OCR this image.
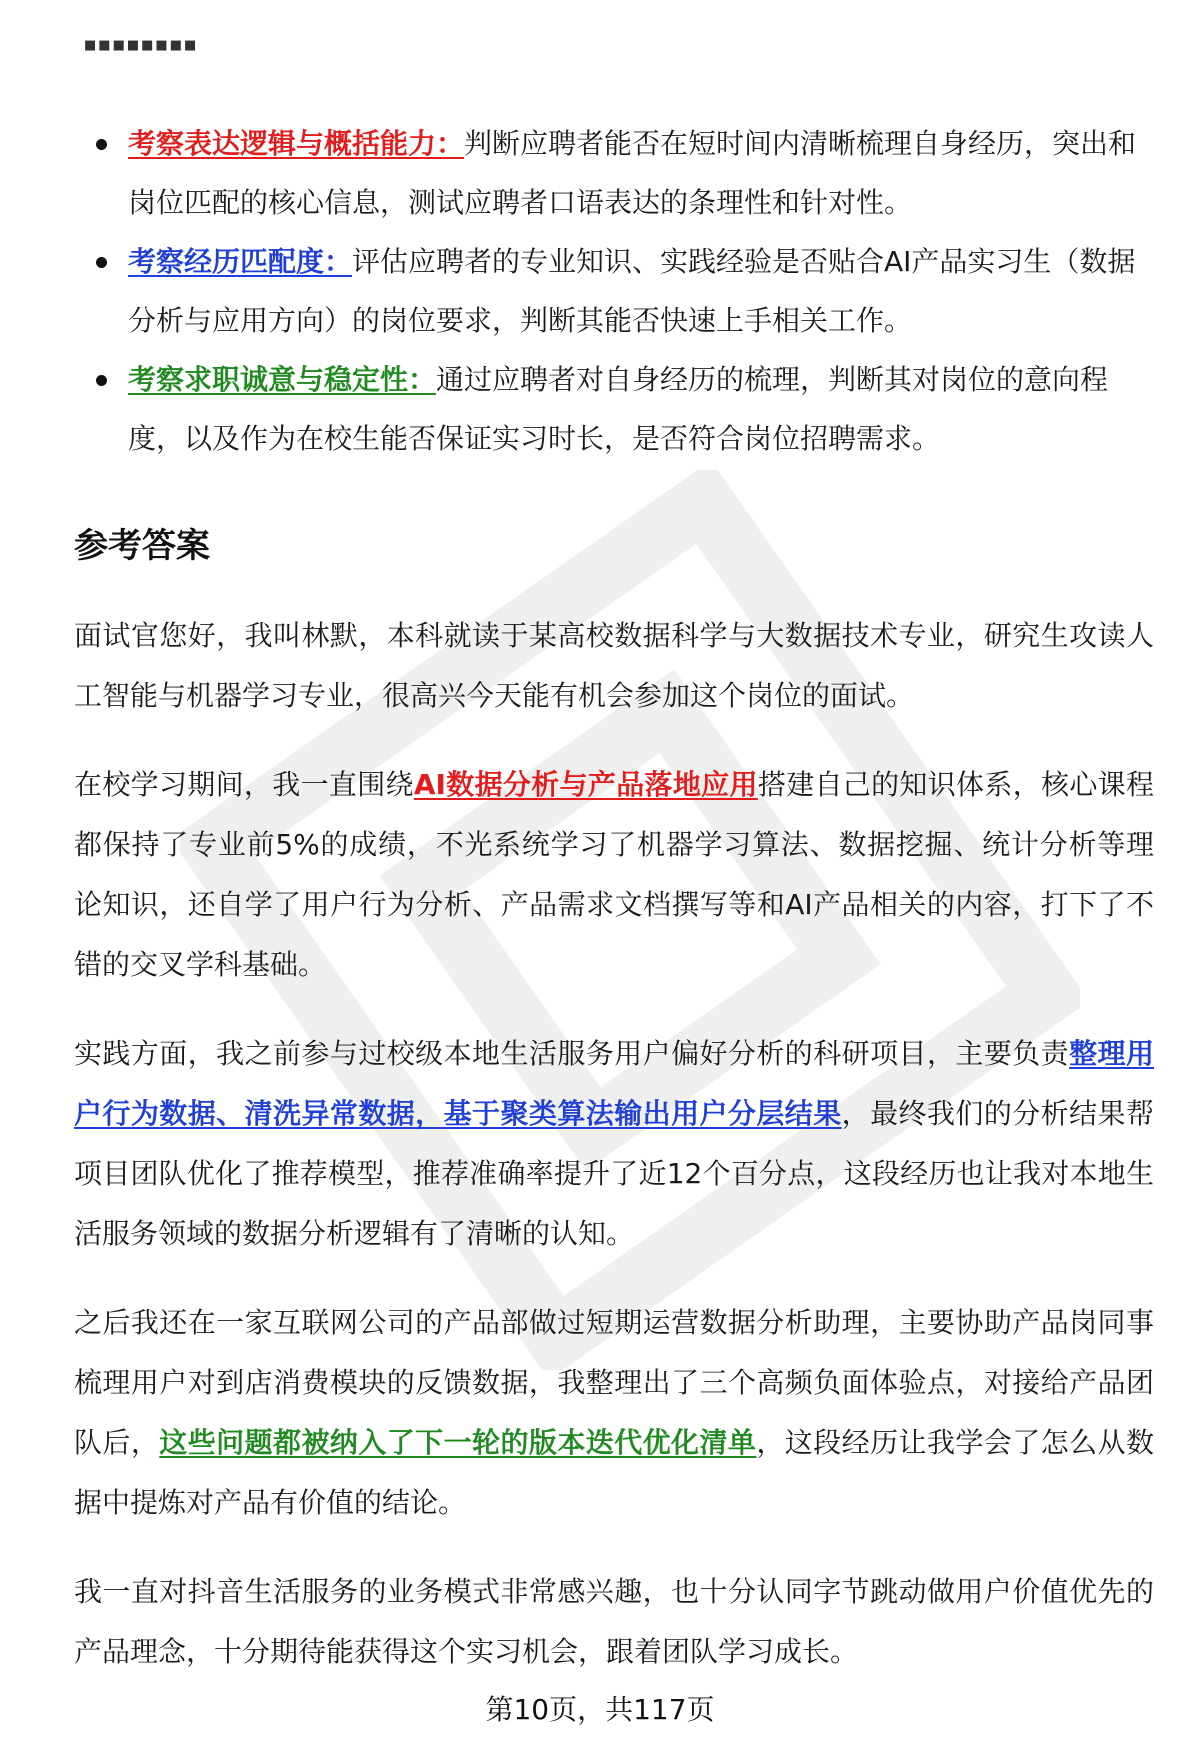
■■■■■■■■
考察表达逻辑与概括能力：判断应聘者能否在短时间内清晰梳理自身经历，突出和岗位匹配的核心信息，测试应聘者口语表达的条理性和针对性。
考察经历匹配度：评估应聘者的专业知识、实践经验是否贴合AI产品实习生（数据分析与应用方向）的岗位要求，判断其能否快速上手相关工作。
考察求职诚意与稳定性：通过应聘者对自身经历的梳理，判断其对岗位的意向程度，以及作为在校生能否保证实习时长，是否符合岗位招聘需求。
参考答案

面试官您好，我叫林默，本科就读于某高校数据科学与大数据技术专业，研究生攻读人工智能与机器学习专业，很高兴今天能有机会参加这个岗位的面试。

在校学习期间，我一直围绕AI数据分析与产品落地应用搭建自己的知识体系，核心课程都保持了专业前5%的成绩，不光系统学习了机器学习算法、数据挖掘、统计分析等理论知识，还自学了用户行为分析、产品需求文档撰写等和AI产品相关的内容，打下了不错的交叉学科基础。

实践方面，我之前参与过校级本地生活服务用户偏好分析的科研项目，主要负责整理用户行为数据、清洗异常数据，基于聚类算法输出用户分层结果，最终我们的分析结果帮项目团队优化了推荐模型，推荐准确率提升了近12个百分点，这段经历也让我对本地生活服务领域的数据分析逻辑有了清晰的认知。

之后我还在一家互联网公司的产品部做过短期运营数据分析助理，主要协助产品岗同事梳理用户对到店消费模块的反馈数据，我整理出了三个高频负面体验点，对接给产品团队后，这些问题都被纳入了下一轮的版本迭代优化清单，这段经历让我学会了怎么从数据中提炼对产品有价值的结论。

我一直对抖音生活服务的业务模式非常感兴趣，也十分认同字节跳动做用户价值优先的产品理念，十分期待能获得这个实习机会，跟着团队学习成长。

第10页，共117页
